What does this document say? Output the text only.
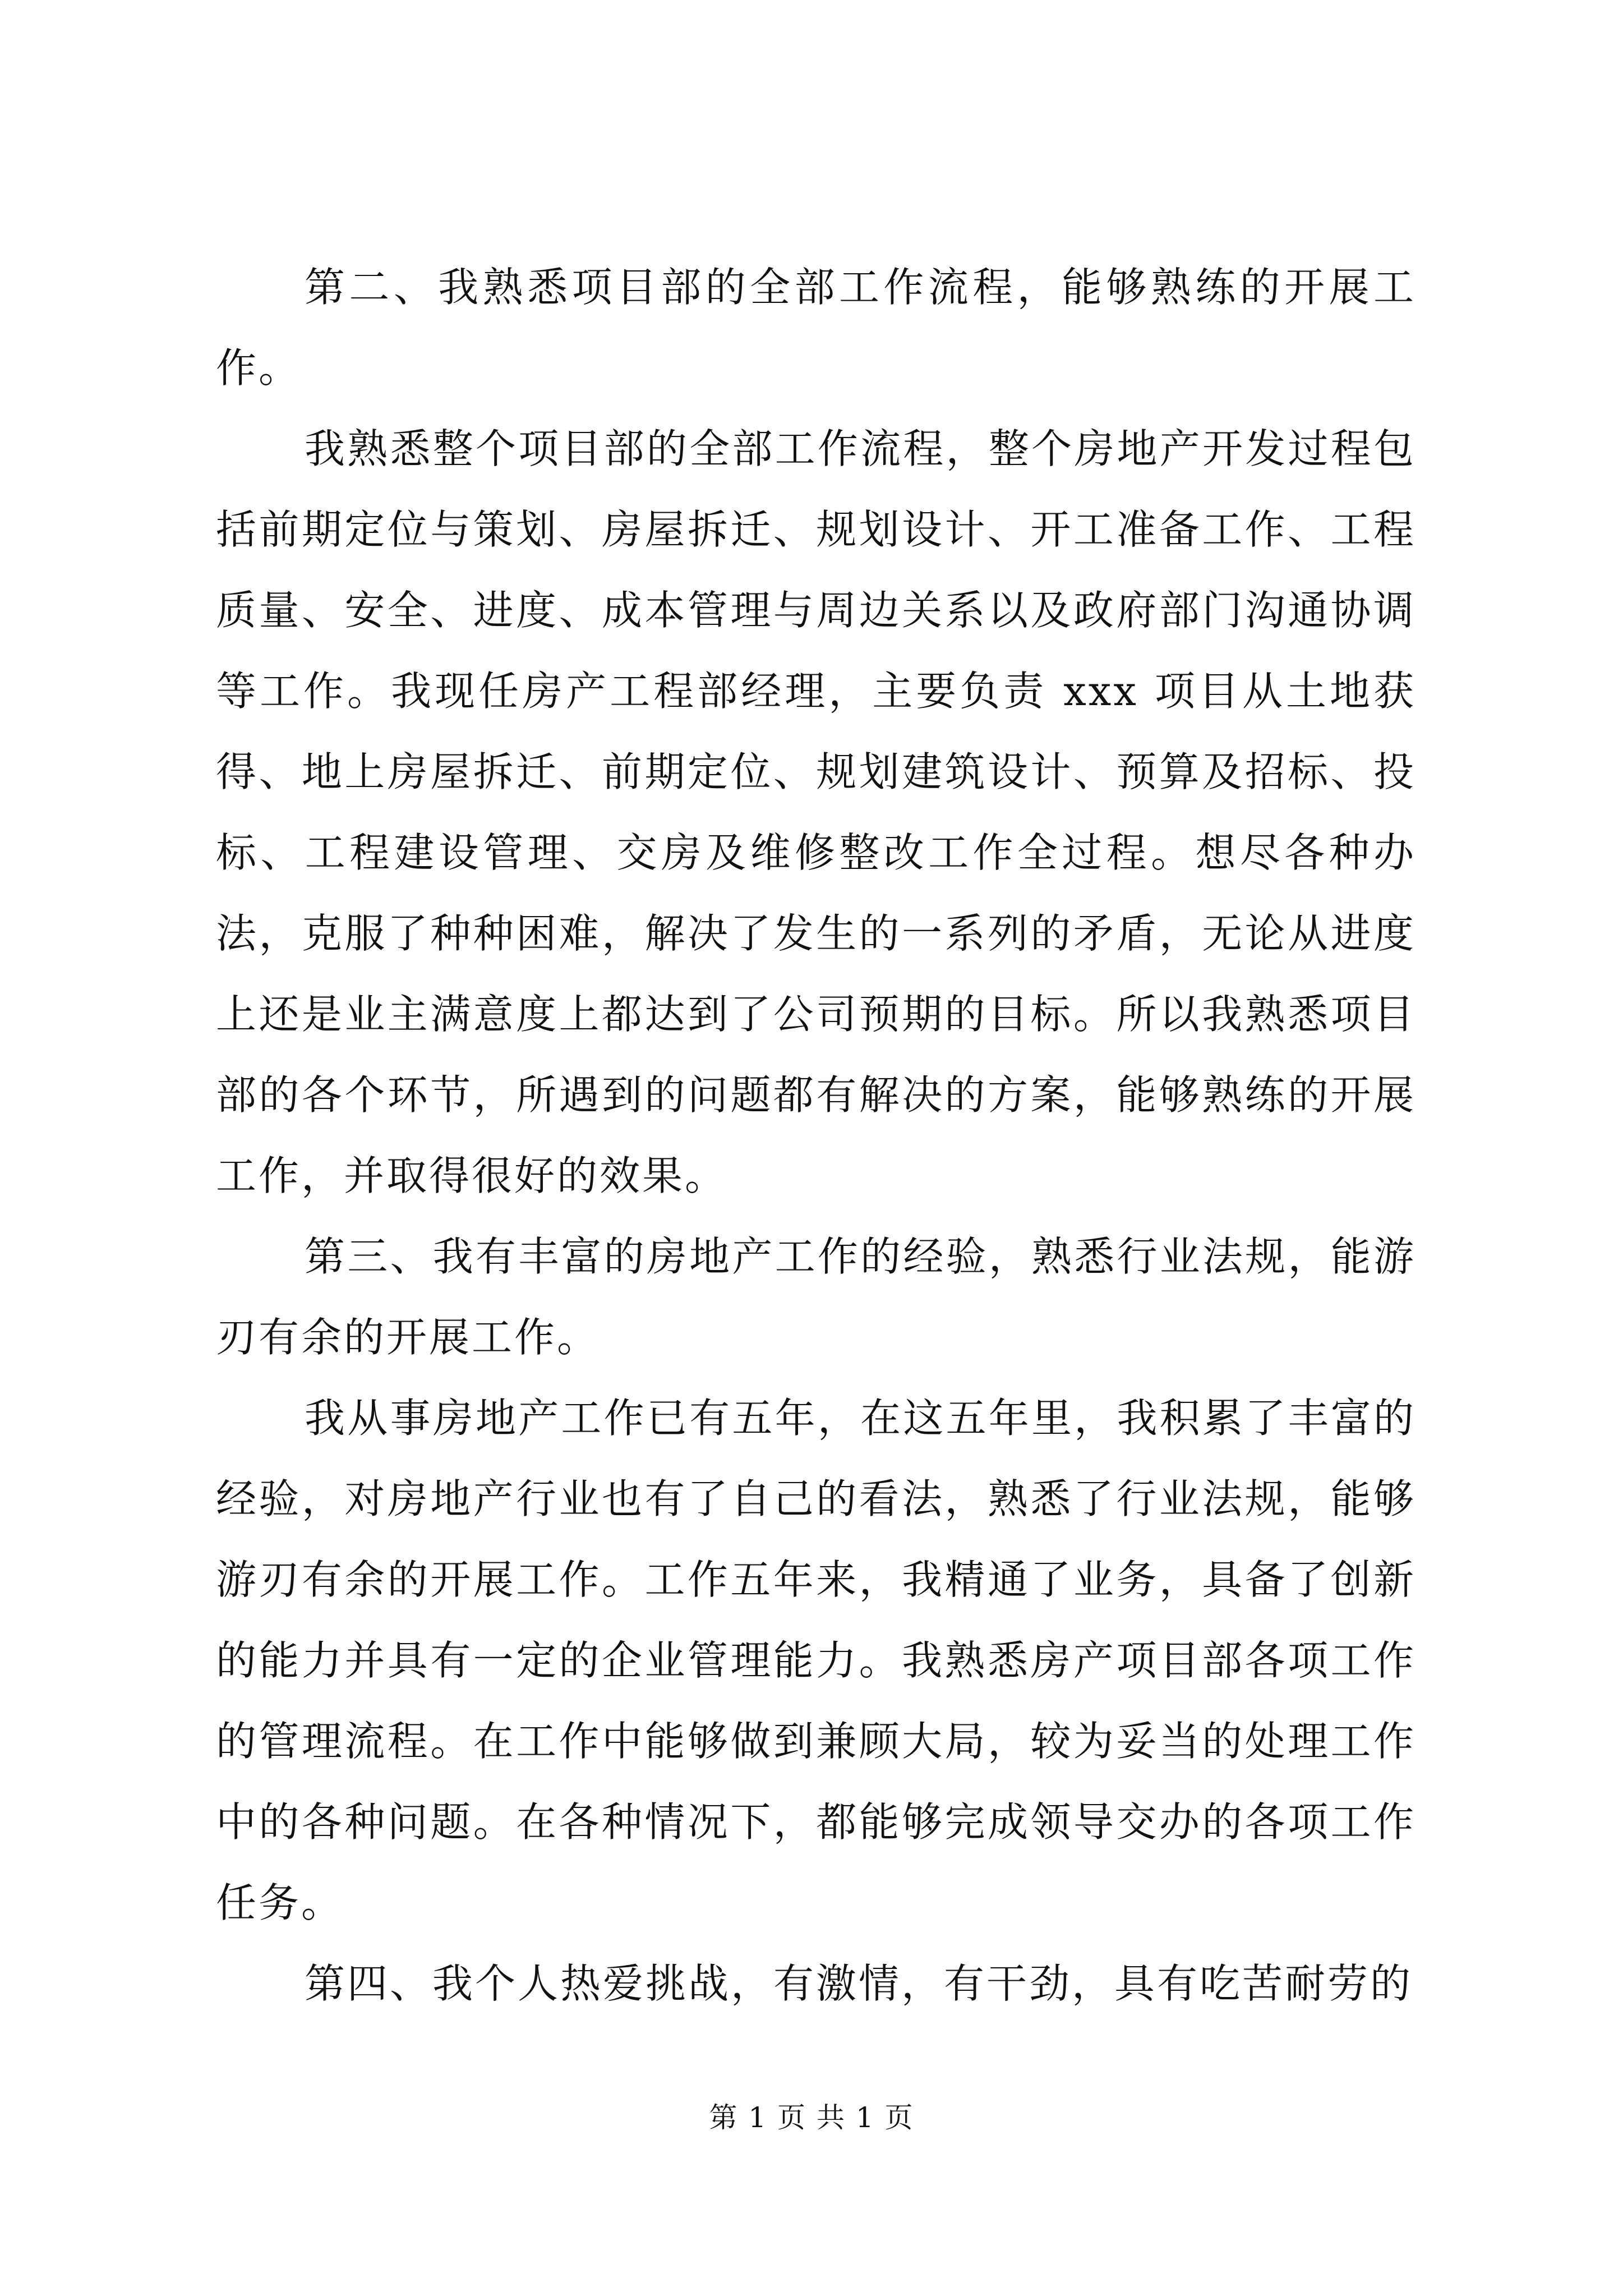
第二、我熟悉项目部的全部工作流程，能够熟练的开展工作。

我熟悉整个项目部的全部工作流程，整个房地产开发过程包括前期定位与策划、房屋拆迁、规划设计、开工准备工作、工程质量、安全、进度、成本管理与周边关系以及政府部门沟通协调等工作。我现任房产工程部经理，主要负责 xxx 项目从土地获得、地上房屋拆迁、前期定位、规划建筑设计、预算及招标、投标、工程建设管理、交房及维修整改工作全过程。想尽各种办法，克服了种种困难，解决了发生的一系列的矛盾，无论从进度上还是业主满意度上都达到了公司预期的目标。所以我熟悉项目部的各个环节，所遇到的问题都有解决的方案，能够熟练的开展工作，并取得很好的效果。

第三、我有丰富的房地产工作的经验，熟悉行业法规，能游刃有余的开展工作。

我从事房地产工作已有五年，在这五年里，我积累了丰富的经验，对房地产行业也有了自己的看法，熟悉了行业法规，能够游刃有余的开展工作。工作五年来，我精通了业务，具备了创新的能力并具有一定的企业管理能力。我熟悉房产项目部各项工作的管理流程。在工作中能够做到兼顾大局，较为妥当的处理工作中的各种问题。在各种情况下，都能够完成领导交办的各项工作任务。

第四、我个人热爱挑战，有激情，有干劲，具有吃苦耐劳的

第 1 页 共 1 页
